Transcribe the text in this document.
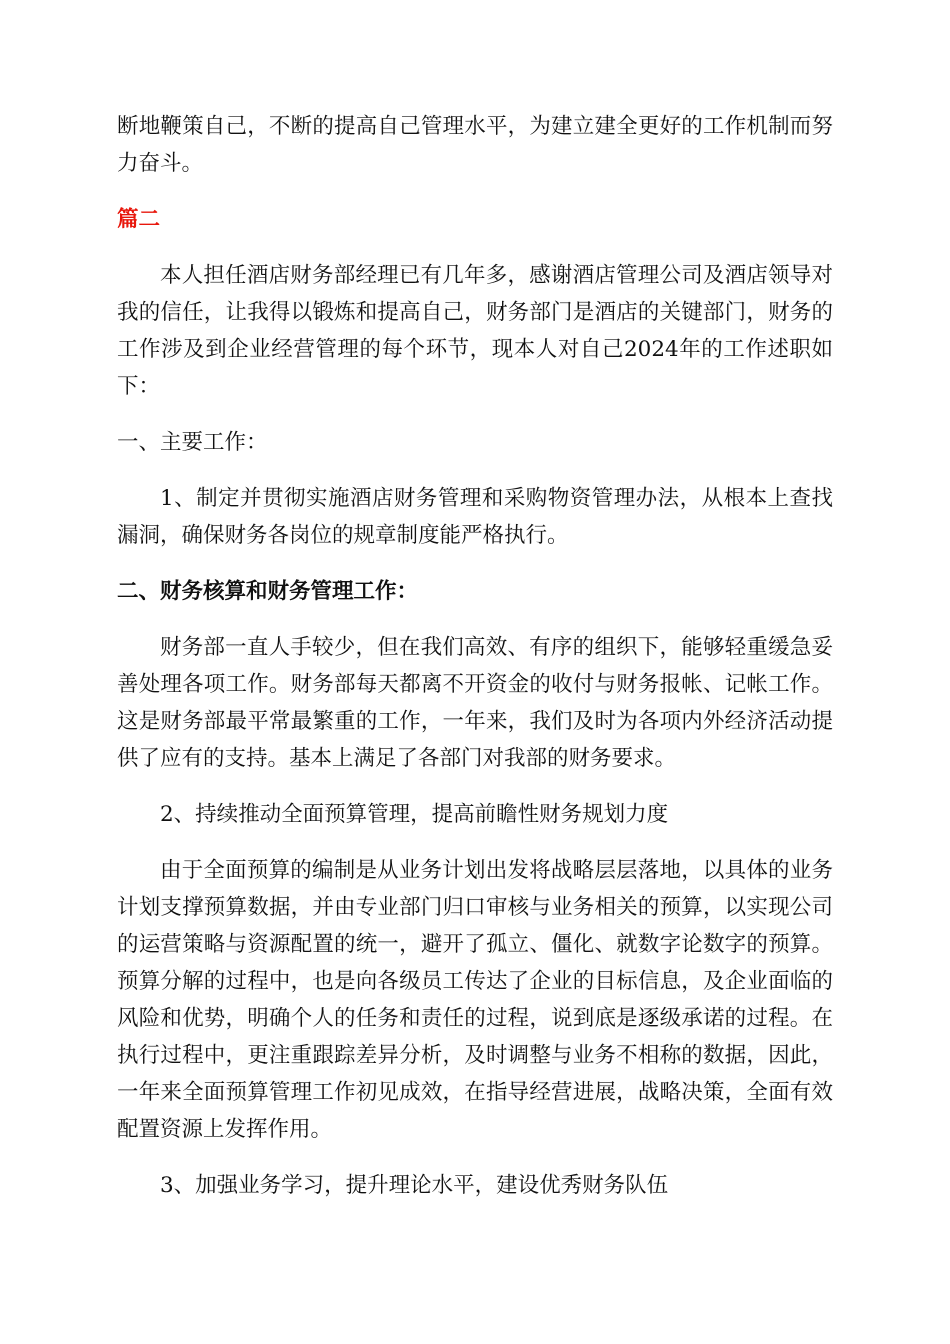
断地鞭策自己，不断的提高自己管理水平，为建立建全更好的工作机制而努力奋斗。

篇二

本人担任酒店财务部经理已有几年多，感谢酒店管理公司及酒店领导对我的信任，让我得以锻炼和提高自己，财务部门是酒店的关键部门，财务的工作涉及到企业经营管理的每个环节，现本人对自己2024年的工作述职如下：

一、主要工作：

1、制定并贯彻实施酒店财务管理和采购物资管理办法，从根本上查找漏洞，确保财务各岗位的规章制度能严格执行。

二、财务核算和财务管理工作：

财务部一直人手较少，但在我们高效、有序的组织下，能够轻重缓急妥善处理各项工作。财务部每天都离不开资金的收付与财务报帐、记帐工作。这是财务部最平常最繁重的工作，一年来，我们及时为各项内外经济活动提供了应有的支持。基本上满足了各部门对我部的财务要求。

2、持续推动全面预算管理，提高前瞻性财务规划力度

由于全面预算的编制是从业务计划出发将战略层层落地，以具体的业务计划支撑预算数据，并由专业部门归口审核与业务相关的预算，以实现公司的运营策略与资源配置的统一，避开了孤立、僵化、就数字论数字的预算。预算分解的过程中，也是向各级员工传达了企业的目标信息，及企业面临的风险和优势，明确个人的任务和责任的过程，说到底是逐级承诺的过程。在执行过程中，更注重跟踪差异分析，及时调整与业务不相称的数据，因此，一年来全面预算管理工作初见成效，在指导经营进展，战略决策，全面有效配置资源上发挥作用。

3、加强业务学习，提升理论水平，建设优秀财务队伍
